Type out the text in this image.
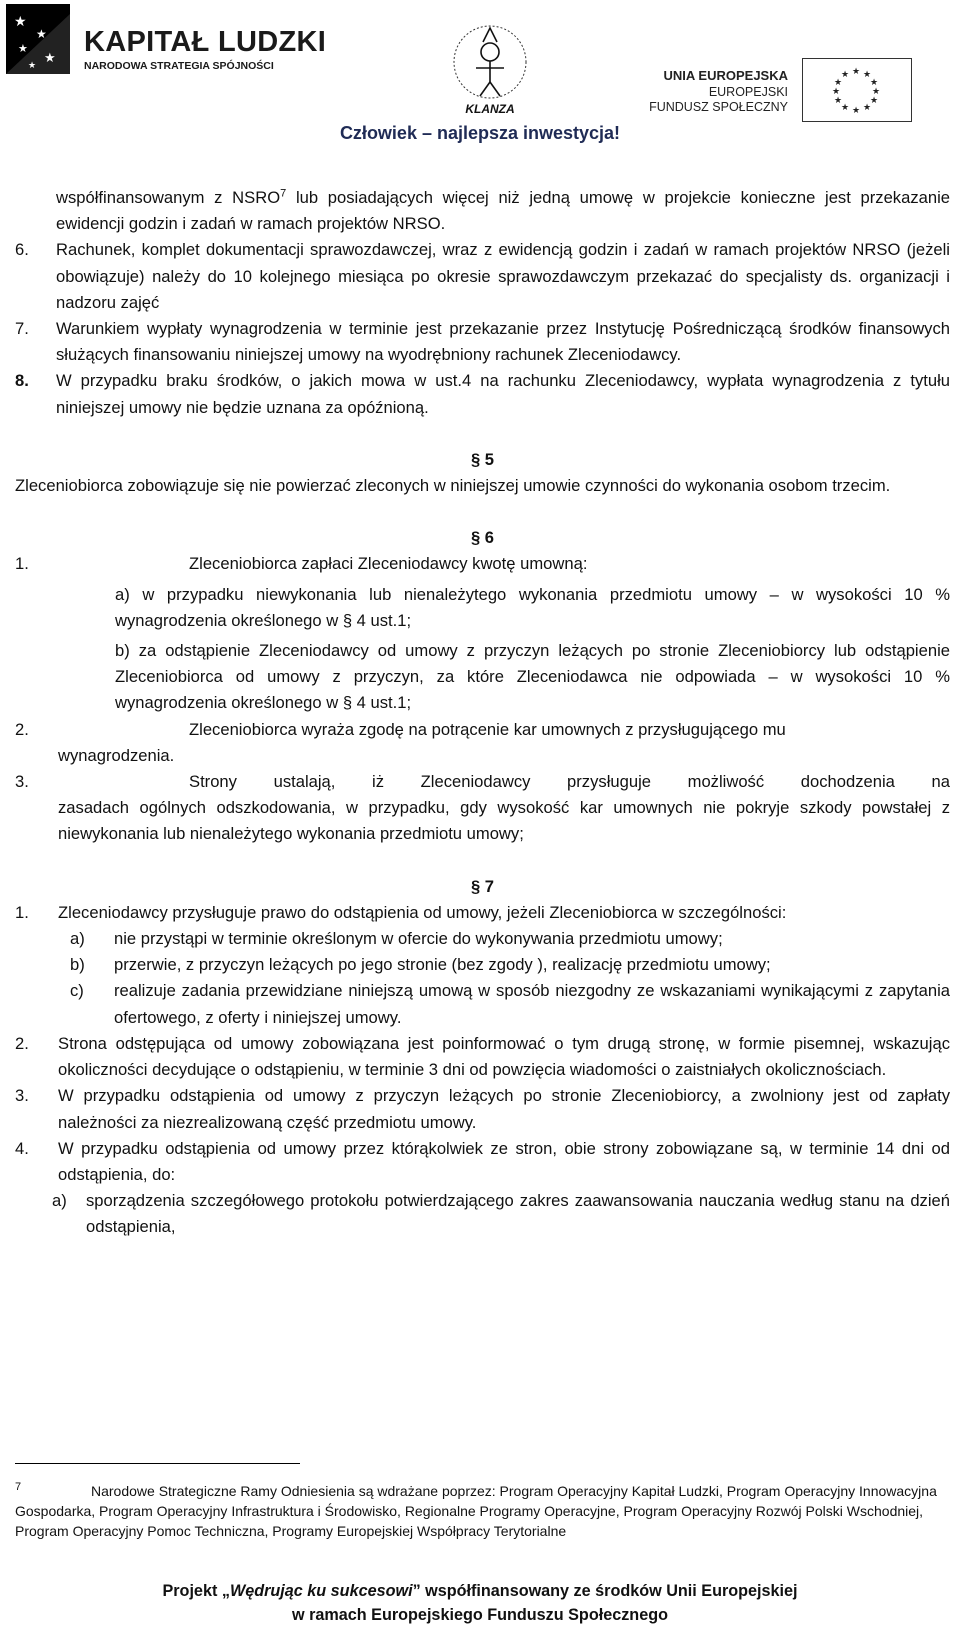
★
★
★
★
★
KAPITAŁ LUDZKI
NARODOWA STRATEGIA SPÓJNOŚCI
KLANZA
UNIA EUROPEJSKA
EUROPEJSKI
FUNDUSZ SPOŁECZNY
★ ★
★
★
★
★
★
★
★
★
★
★
Człowiek – najlepsza inwestycja!

współfinansowanym z NSRO$^7$ lub posiadających więcej niż jedną umowę w projekcie konieczne jest przekazanie ewidencji godzin i zadań w ramach projektów NRSO.

6. Rachunek, komplet dokumentacji sprawozdawczej, wraz z ewidencją godzin i zadań w ramach projektów NRSO (jeżeli obowiązuje) należy do 10 kolejnego miesiąca po okresie sprawozdawczym przekazać do specjalisty ds. organizacji i nadzoru zajęć

7. Warunkiem wypłaty wynagrodzenia w terminie jest przekazanie przez Instytucję Pośredniczącą środków finansowych służących finansowaniu niniejszej umowy na wyodrębniony rachunek Zleceniodawcy.

8. W przypadku braku środków, o jakich mowa w ust.4 na rachunku Zleceniodawcy, wypłata wynagrodzenia z tytułu niniejszej umowy nie będzie uznana za opóźnioną.

§ 5

Zleceniobiorca zobowiązuje się nie powierzać zleconych w niniejszej umowie czynności do wykonania osobom trzecim.

§ 6

1.	Zleceniobiorca zapłaci Zleceniodawcy kwotę umowną:

a) w przypadku niewykonania lub nienależytego wykonania przedmiotu umowy – w wysokości 10 % wynagrodzenia określonego w § 4 ust.1;

b) za odstąpienie Zleceniodawcy od umowy z przyczyn leżących po stronie Zleceniobiorcy lub odstąpienie Zleceniobiorca od umowy z przyczyn, za które Zleceniodawca nie odpowiada – w wysokości 10 % wynagrodzenia określonego w § 4 ust.1;

2.	Zleceniobiorca wyraża zgodę na potrącenie kar umownych z przysługującego mu

wynagrodzenia.

3.	Strony ustalają, iż Zleceniodawcy przysługuje możliwość dochodzenia na

zasadach ogólnych odszkodowania, w przypadku, gdy wysokość kar umownych nie pokryje szkody powstałej z niewykonania lub nienależytego wykonania przedmiotu umowy;

§ 7

1. Zleceniodawcy przysługuje prawo do odstąpienia od umowy, jeżeli Zleceniobiorca w szczególności:

a) nie przystąpi w terminie określonym w ofercie do wykonywania przedmiotu umowy;

b) przerwie, z przyczyn leżących po jego stronie (bez zgody ), realizację przedmiotu umowy;

c) realizuje zadania przewidziane niniejszą umową w sposób niezgodny ze wskazaniami wynikającymi z zapytania ofertowego, z oferty i niniejszej umowy.

2. Strona odstępująca od umowy zobowiązana jest poinformować o tym drugą stronę, w formie pisemnej, wskazując okoliczności decydujące o odstąpieniu, w terminie 3 dni od powzięcia wiadomości o zaistniałych okolicznościach.

3. W przypadku odstąpienia od umowy z przyczyn leżących po stronie Zleceniobiorcy, a zwolniony jest od zapłaty należności za niezrealizowaną część przedmiotu umowy.

4. W przypadku odstąpienia od umowy przez którąkolwiek ze stron, obie strony zobowiązane są, w terminie 14 dni od odstąpienia, do:

a) sporządzenia szczegółowego protokołu potwierdzającego zakres zaawansowania nauczania według stanu na dzień odstąpienia,

7	Narodowe Strategiczne Ramy Odniesienia są wdrażane poprzez: Program Operacyjny Kapitał Ludzki, Program Operacyjny Innowacyjna Gospodarka, Program Operacyjny Infrastruktura i Środowisko, Regionalne Programy Operacyjne, Program Operacyjny Rozwój Polski Wschodniej, Program Operacyjny Pomoc Techniczna, Programy Europejskiej Współpracy Terytorialne

Projekt „Wędrując ku sukcesowi” współfinansowany ze środków Unii Europejskiej
w ramach Europejskiego Funduszu Społecznego
